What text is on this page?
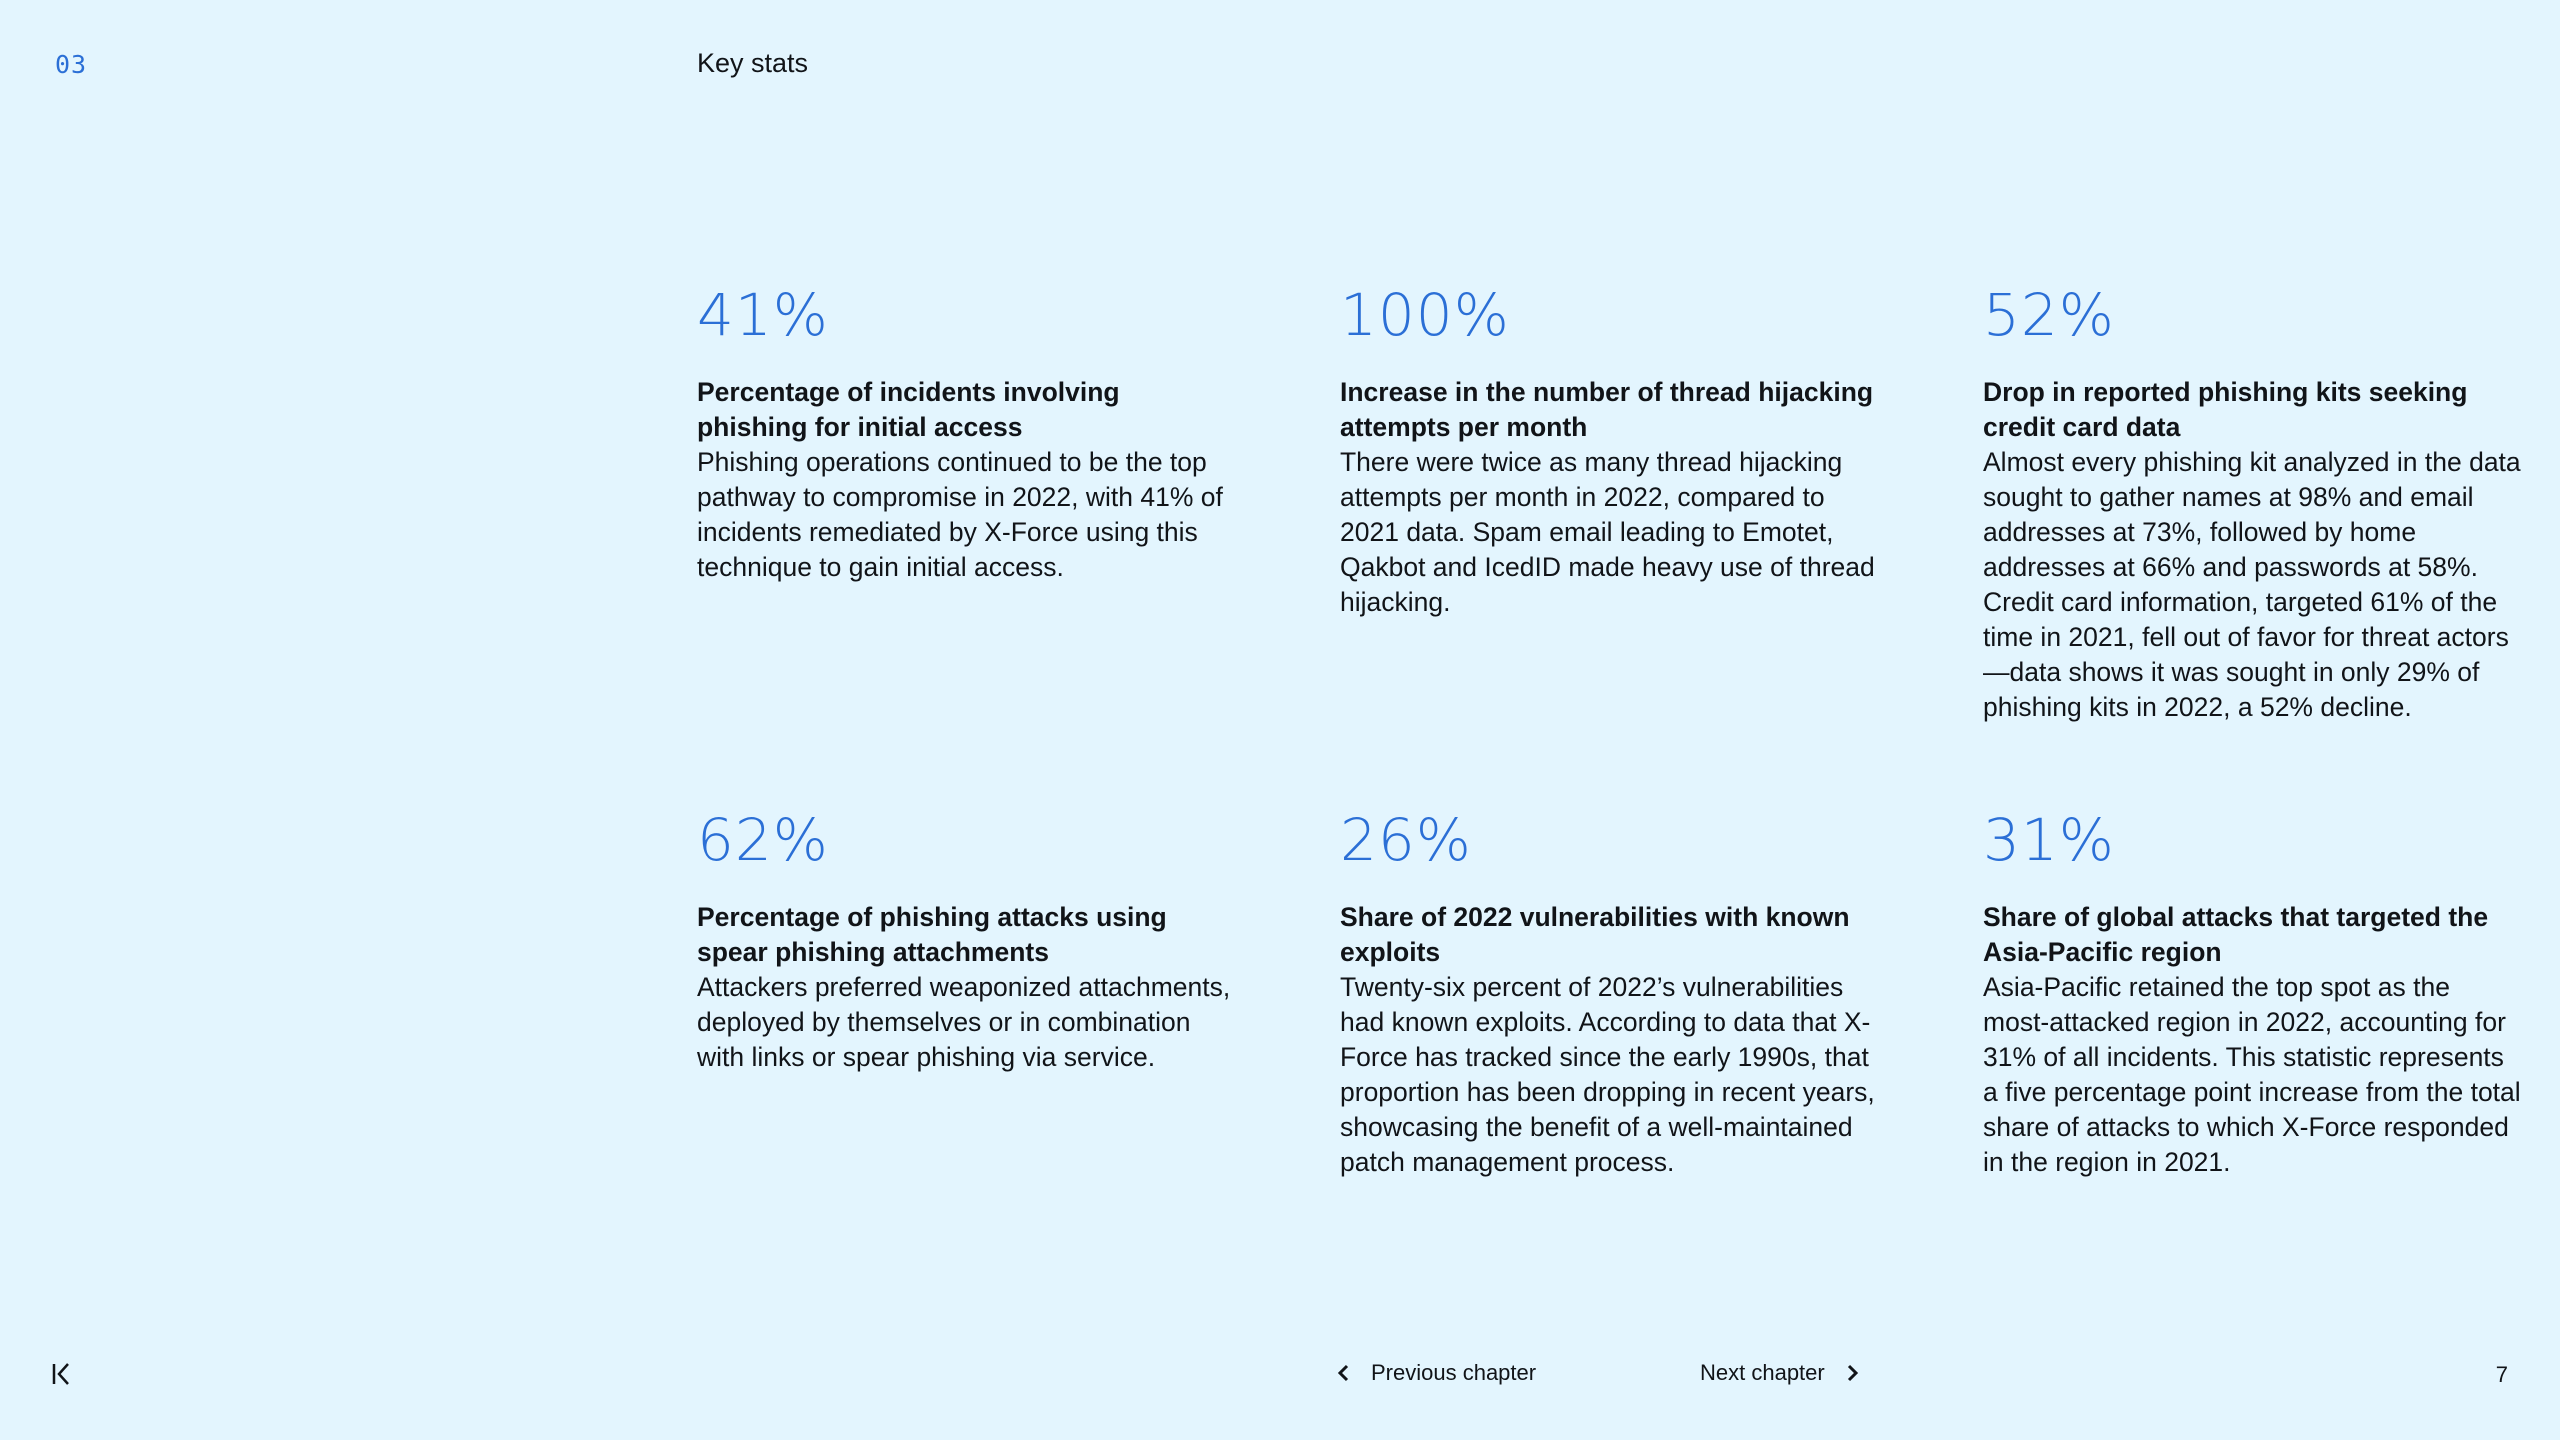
03	Key stats
41%
Percentage of incidents involving phishing for initial access
Phishing operations continued to be the top pathway to compromise in 2022, with 41% of incidents remediated by X-Force using this technique to gain initial access.
100%
Increase in the number of thread hijacking attempts per month
There were twice as many thread hijacking attempts per month in 2022, compared to 2021 data. Spam email leading to Emotet, Qakbot and IcedID made heavy use of thread hijacking.
52%
Drop in reported phishing kits seeking credit card data
Almost every phishing kit analyzed in the data sought to gather names at 98% and email addresses at 73%, followed by home addresses at 66% and passwords at 58%. Credit card information, targeted 61% of the time in 2021, fell out of favor for threat actors—data shows it was sought in only 29% of phishing kits in 2022, a 52% decline.
62%
Percentage of phishing attacks using spear phishing attachments
Attackers preferred weaponized attachments, deployed by themselves or in combination with links or spear phishing via service.
26%
Share of 2022 vulnerabilities with known exploits
Twenty-six percent of 2022’s vulnerabilities had known exploits. According to data that X-Force has tracked since the early 1990s, that proportion has been dropping in recent years, showcasing the benefit of a well-maintained patch management process.
31%
Share of global attacks that targeted the Asia-Pacific region
Asia-Pacific retained the top spot as the most-attacked region in 2022, accounting for 31% of all incidents. This statistic represents a five percentage point increase from the total share of attacks to which X-Force responded in the region in 2021.
Previous chapter	Next chapter	7
